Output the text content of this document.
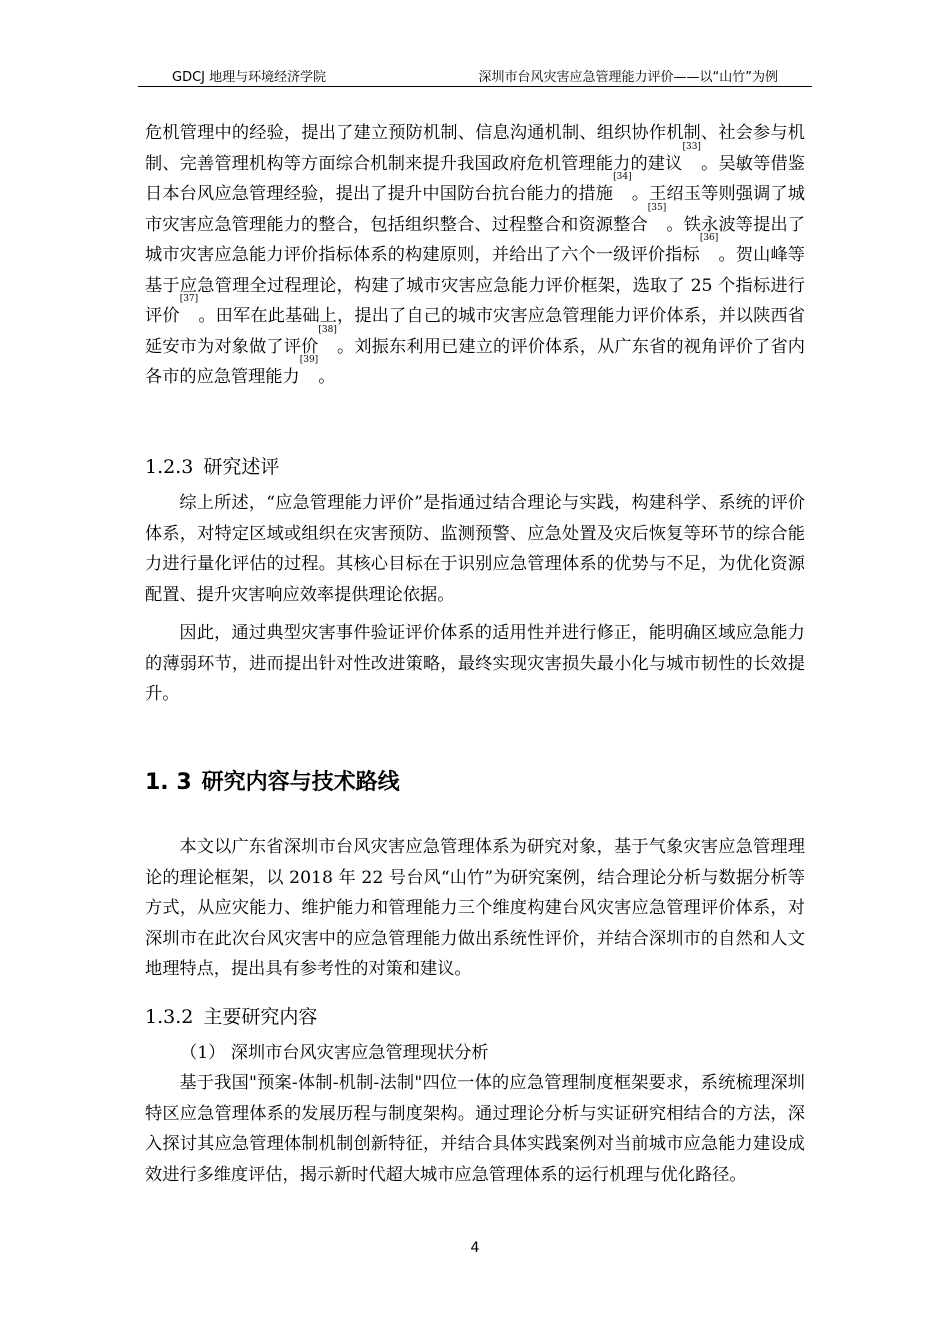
GDCJ 地理与环境经济学院	深圳市台风灾害应急管理能力评价——以“山竹”为例

危机管理中的经验，提出了建立预防机制、信息沟通机制、组织协作机制、社会参与机制、完善管理机构等方面综合机制来提升我国政府危机管理能力的建议[33]。吴敏等借鉴日本台风应急管理经验，提出了提升中国防台抗台能力的措施[34]。王绍玉等则强调了城市灾害应急管理能力的整合，包括组织整合、过程整合和资源整合[35]。铁永波等提出了城市灾害应急能力评价指标体系的构建原则，并给出了六个一级评价指标[36]。贺山峰等基于应急管理全过程理论，构建了城市灾害应急能力评价框架，选取了 25 个指标进行评价[37]。田军在此基础上，提出了自己的城市灾害应急管理能力评价体系，并以陕西省延安市为对象做了评价[38]。刘振东利用已建立的评价体系，从广东省的视角评价了省内各市的应急管理能力[39]。

1.2.3 研究述评

综上所述，“应急管理能力评价”是指通过结合理论与实践，构建科学、系统的评价体系，对特定区域或组织在灾害预防、监测预警、应急处置及灾后恢复等环节的综合能力进行量化评估的过程。其核心目标在于识别应急管理体系的优势与不足，为优化资源配置、提升灾害响应效率提供理论依据。

因此，通过典型灾害事件验证评价体系的适用性并进行修正，能明确区域应急能力的薄弱环节，进而提出针对性改进策略，最终实现灾害损失最小化与城市韧性的长效提升。

1. 3 研究内容与技术路线

本文以广东省深圳市台风灾害应急管理体系为研究对象，基于气象灾害应急管理理论的理论框架，以 2018 年 22 号台风“山竹”为研究案例，结合理论分析与数据分析等方式，从应灾能力、维护能力和管理能力三个维度构建台风灾害应急管理评价体系，对深圳市在此次台风灾害中的应急管理能力做出系统性评价，并结合深圳市的自然和人文地理特点，提出具有参考性的对策和建议。

1.3.2 主要研究内容

（1） 深圳市台风灾害应急管理现状分析

基于我国"预案-体制-机制-法制"四位一体的应急管理制度框架要求，系统梳理深圳特区应急管理体系的发展历程与制度架构。通过理论分析与实证研究相结合的方法，深入探讨其应急管理体制机制创新特征，并结合具体实践案例对当前城市应急能力建设成效进行多维度评估，揭示新时代超大城市应急管理体系的运行机理与优化路径。

4
